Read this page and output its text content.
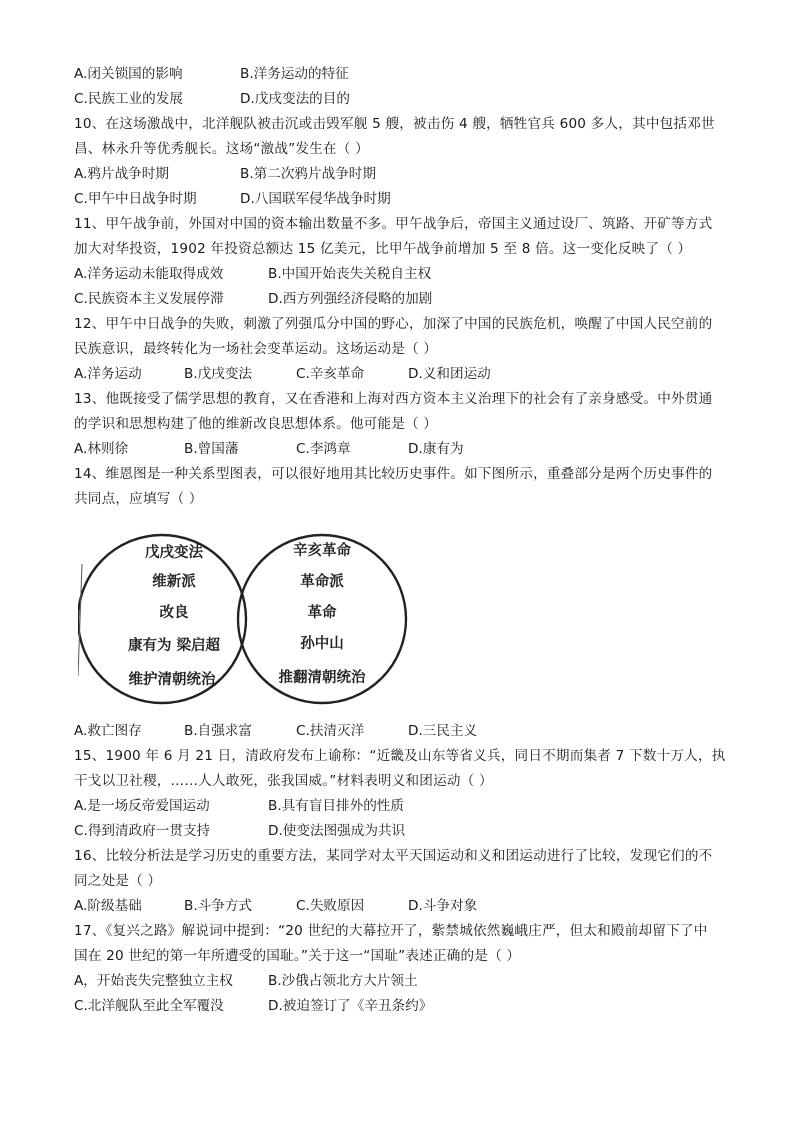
A.闭关锁国的影响	B.洋务运动的特征
C.民族工业的发展	D.戊戌变法的目的
10、在这场激战中，北洋舰队被击沉或击毁军舰 5 艘，被击伤 4 艘，牺牲官兵 600 多人，其中包括邓世
昌、林永升等优秀舰长。这场“激战”发生在（ ）
A.鸦片战争时期	B.第二次鸦片战争时期
C.甲午中日战争时期	D.八国联军侵华战争时期
11、甲午战争前，外国对中国的资本输出数量不多。甲午战争后，帝国主义通过设厂、筑路、开矿等方式
加大对华投资，1902 年投资总额达 15 亿美元，比甲午战争前增加 5 至 8 倍。这一变化反映了（ ）
A.洋务运动未能取得成效	B.中国开始丧失关税自主权
C.民族资本主义发展停滞	D.西方列强经济侵略的加剧
12、甲午中日战争的失败，刺激了列强瓜分中国的野心，加深了中国的民族危机，唤醒了中国人民空前的
民族意识，最终转化为一场社会变革运动。这场运动是（ ）
A.洋务运动	B.戊戌变法	C.辛亥革命	D.义和团运动
13、他既接受了儒学思想的教育，又在香港和上海对西方资本主义治理下的社会有了亲身感受。中外贯通
的学识和思想构建了他的维新改良思想体系。他可能是（ ）
A.林则徐	B.曾国藩	C.李鸿章	D.康有为
14、维恩图是一种关系型图表，可以很好地用其比较历史事件。如下图所示，重叠部分是两个历史事件的
共同点，应填写（ ）
戊戌变法
维新派
改良
康有为 梁启超
维护清朝统治
辛亥革命
革命派
革命
孙中山
推翻清朝统治
A.救亡图存	B.自强求富	C.扶清灭洋	D.三民主义
15、1900 年 6 月 21 日，清政府发布上谕称：“近畿及山东等省义兵，同日不期而集者 7 下数十万人，执
干戈以卫社稷，……人人敢死，张我国威。”材料表明义和团运动（ ）
A.是一场反帝爱国运动	B.具有盲目排外的性质
C.得到清政府一贯支持	D.使变法图强成为共识
16、比较分析法是学习历史的重要方法，某同学对太平天国运动和义和团运动进行了比较，发现它们的不
同之处是（ ）
A.阶级基础	B.斗争方式	C.失败原因	D.斗争对象
17、《复兴之路》解说词中提到：“20 世纪的大幕拉开了，紫禁城依然巍峨庄严，但太和殿前却留下了中
国在 20 世纪的第一年所遭受的国耻。”关于这一“国耻”表述正确的是（ ）
A，开始丧失完整独立主权	B.沙俄占领北方大片领土
C.北洋舰队至此全军覆没	D.被迫签订了《辛丑条约》
